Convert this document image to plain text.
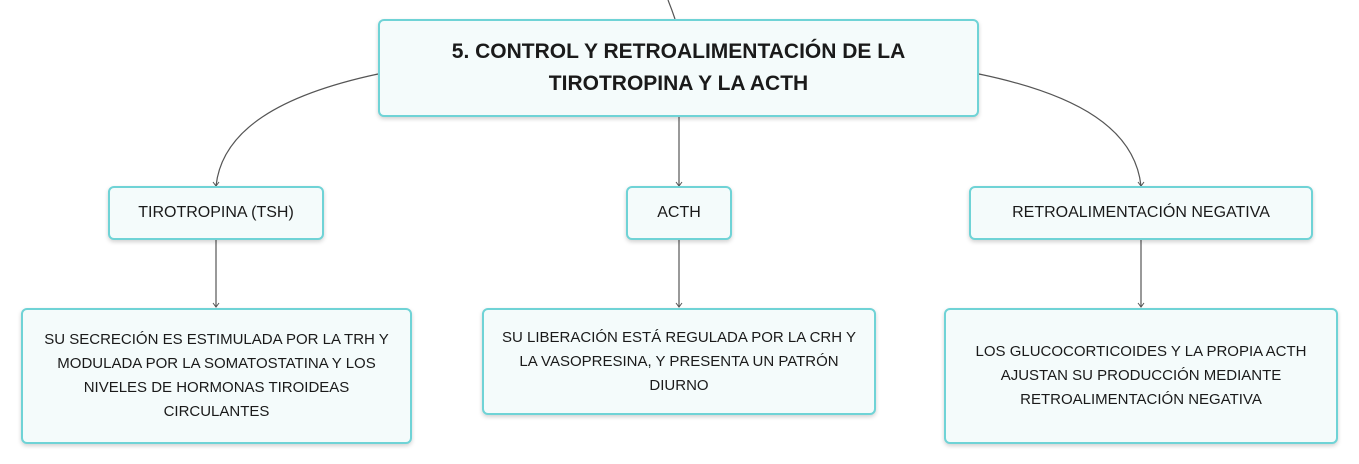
5. CONTROL Y RETROALIMENTACIÓN DE LA TIROTROPINA Y LA ACTH
TIROTROPINA (TSH)	ACTH	RETROALIMENTACIÓN NEGATIVA
SU SECRECIÓN ES ESTIMULADA POR LA TRH Y MODULADA POR LA SOMATOSTATINA Y LOS NIVELES DE HORMONAS TIROIDEAS CIRCULANTES
SU LIBERACIÓN ESTÁ REGULADA POR LA CRH Y LA VASOPRESINA, Y PRESENTA UN PATRÓN DIURNO
LOS GLUCOCORTICOIDES Y LA PROPIA ACTH AJUSTAN SU PRODUCCIÓN MEDIANTE RETROALIMENTACIÓN NEGATIVA
